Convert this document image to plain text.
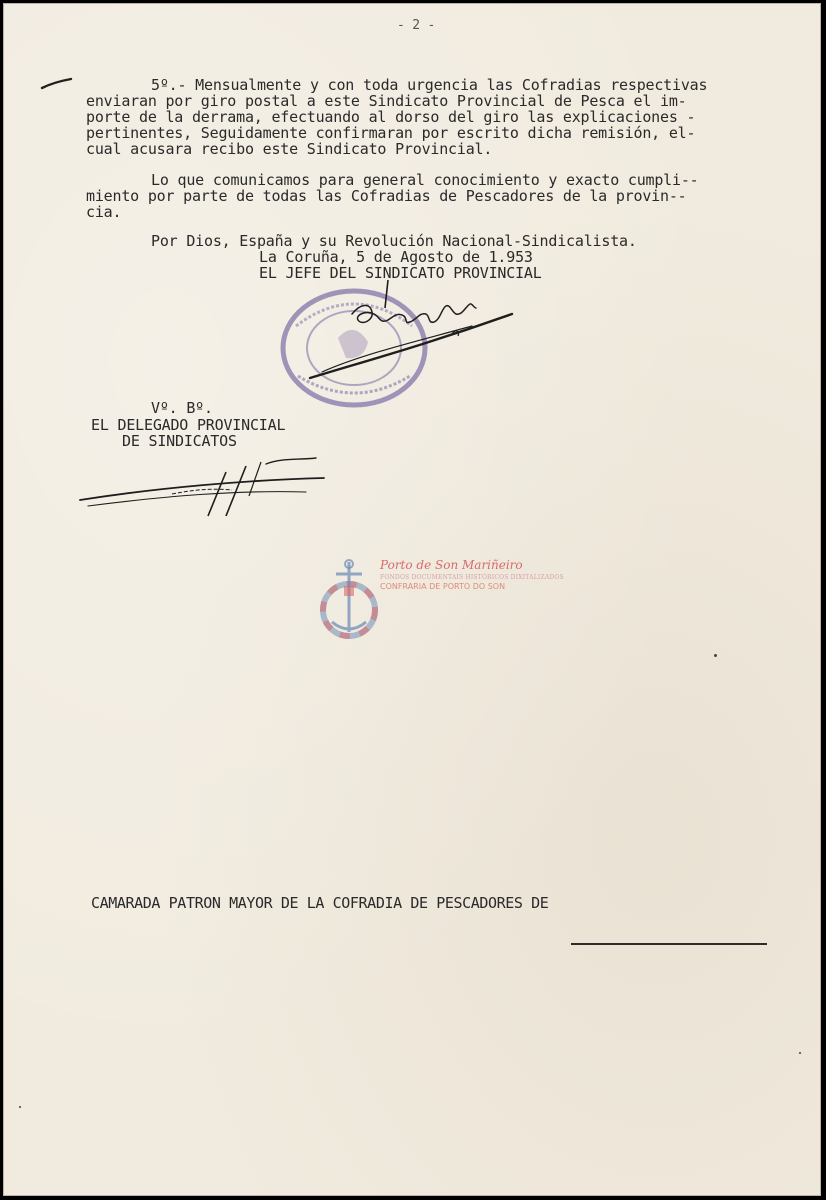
- 2 -
5º.- Mensualmente y con toda urgencia las Cofradias respectivas
enviaran por giro postal a este Sindicato Provincial de Pesca el im-
porte de la derrama, efectuando al dorso del giro las explicaciones -
pertinentes, Seguidamente confirmaran por escrito dicha remisión, el-
cual acusara recibo este Sindicato Provincial.
Lo que comunicamos para general conocimiento y exacto cumpli--
miento por parte de todas las Cofradias de Pescadores de la provin--
cia.
Por Dios, España y su Revolución Nacional-Sindicalista.
La Coruña, 5 de Agosto de 1.953
EL JEFE DEL SINDICATO PROVINCIAL
Vº. Bº.
EL DELEGADO PROVINCIAL
DE SINDICATOS
Porto de Son Mariñeiro
FONDOS DOCUMENTAIS HISTÓRICOS DIXITALIZADOS
CONFRARIA DE PORTO DO SON
CAMARADA PATRON MAYOR DE LA COFRADIA DE PESCADORES DE
